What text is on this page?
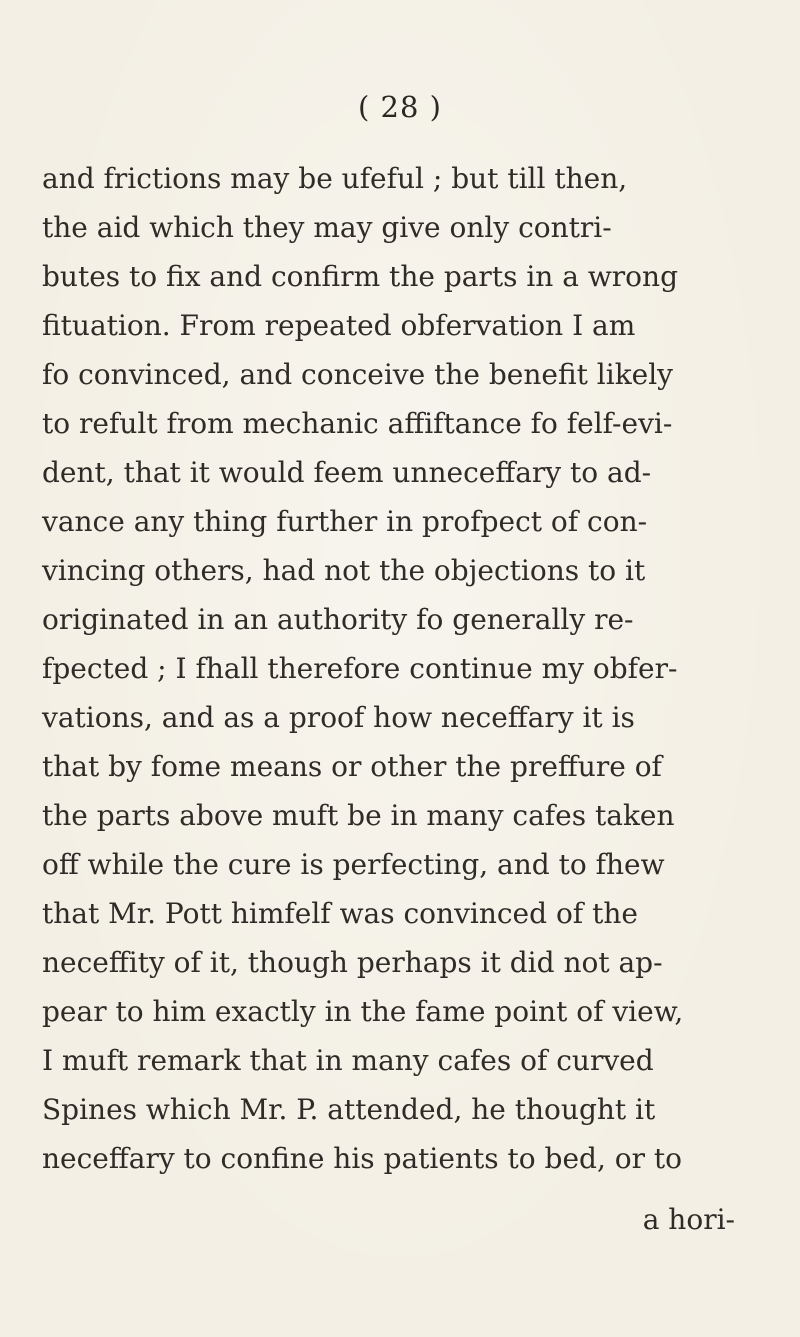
( 28 )
and frictions may be ufeful ; but till then,
the aid which they may give only contri-
butes to fix and confirm the parts in a wrong
fituation. From repeated obfervation I am
fo convinced, and conceive the benefit likely
to refult from mechanic affiftance fo felf-evi-
dent, that it would feem unneceffary to ad-
vance any thing further in profpect of con-
vincing others, had not the objections to it
originated in an authority fo generally re-
fpected ; I fhall therefore continue my obfer-
vations, and as a proof how neceffary it is
that by fome means or other the preffure of
the parts above muft be in many cafes taken
off while the cure is perfecting, and to fhew
that Mr. Pott himfelf was convinced of the
neceffity of it, though perhaps it did not ap-
pear to him exactly in the fame point of view,
I muft remark that in many cafes of curved
Spines which Mr. P. attended, he thought it
neceffary to confine his patients to bed, or to
a hori-
